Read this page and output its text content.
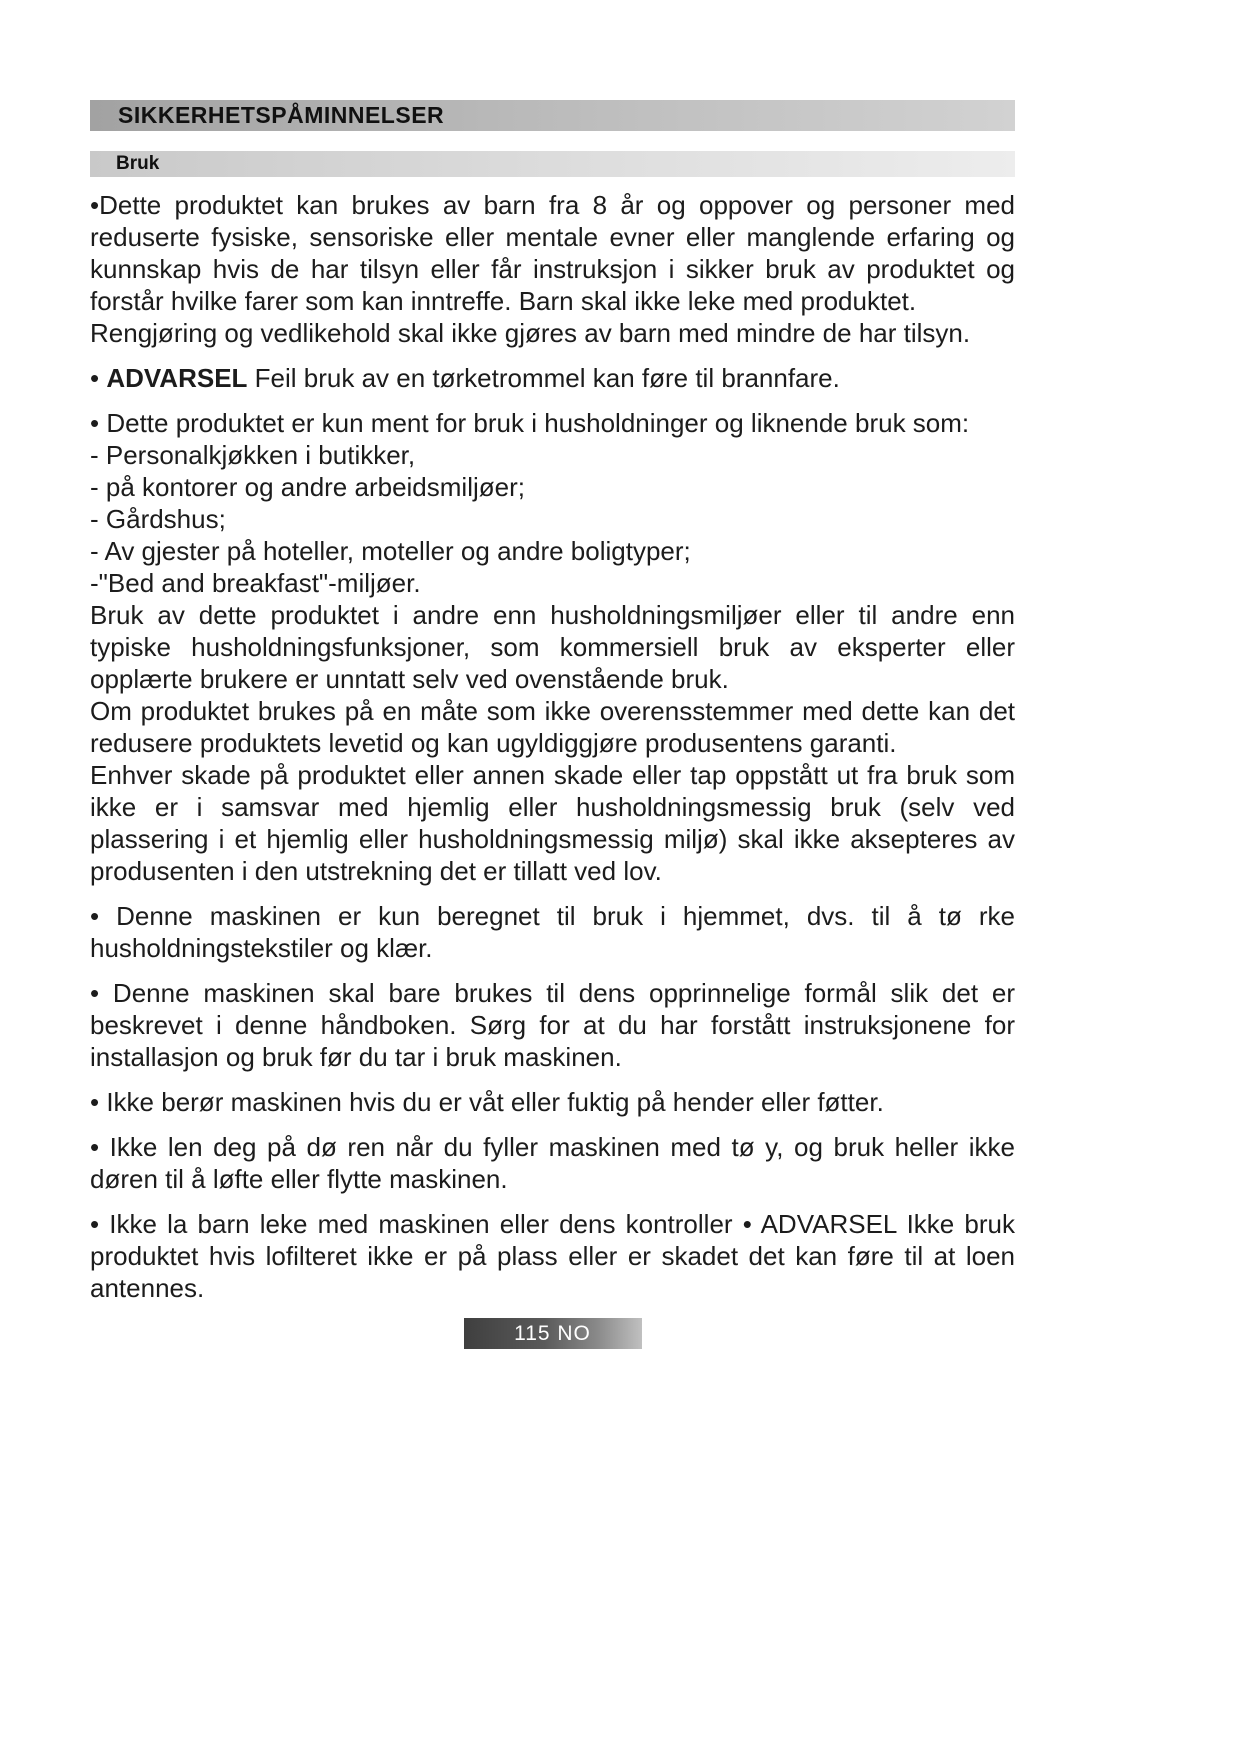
SIKKERHETSPÅMINNELSER
Bruk

•Dette produktet kan brukes av barn fra 8 år og oppover og personer med reduserte fysiske, sensoriske eller mentale evner eller manglende erfaring og kunnskap hvis de har tilsyn eller får instruksjon i sikker bruk av produktet og forstår hvilke farer som kan inntreffe. Barn skal ikke leke med produktet.

Rengjøring og vedlikehold skal ikke gjøres av barn med mindre de har tilsyn.

• ADVARSEL Feil bruk av en tørketrommel kan føre til brannfare.

• Dette produktet er kun ment for bruk i husholdninger og liknende bruk som:

- Personalkjøkken i butikker,

- på kontorer og andre arbeidsmiljøer;

- Gårdshus;

- Av gjester på hoteller, moteller og andre boligtyper;

-"Bed and breakfast"-miljøer.

Bruk av dette produktet i andre enn husholdningsmiljøer eller til andre enn typiske husholdningsfunksjoner, som kommersiell bruk av eksperter eller opplærte brukere er unntatt selv ved ovenstående bruk.

Om produktet brukes på en måte som ikke overensstemmer med dette kan det redusere produktets levetid og kan ugyldiggjøre produsentens garanti.

Enhver skade på produktet eller annen skade eller tap oppstått ut fra bruk som ikke er i samsvar med hjemlig eller husholdningsmessig bruk (selv ved plassering i et hjemlig eller husholdningsmessig miljø) skal ikke aksepteres av produsenten i den utstrekning det er tillatt ved lov.

• Denne maskinen er kun beregnet til bruk i hjemmet, dvs. til å tø rke husholdningstekstiler og klær.

• Denne maskinen skal bare brukes til dens opprinnelige formål slik det er beskrevet i denne håndboken. Sørg for at du har forstått instruksjonene for installasjon og bruk før du tar i bruk maskinen.

• Ikke berør maskinen hvis du er våt eller fuktig på hender eller føtter.

• Ikke len deg på dø ren når du fyller maskinen med tø y, og bruk heller ikke døren til å løfte eller flytte maskinen.

• Ikke la barn leke med maskinen eller dens kontroller • ADVARSEL Ikke bruk produktet hvis lofilteret ikke er på plass eller er skadet det kan føre til at loen antennes.

115 NO
